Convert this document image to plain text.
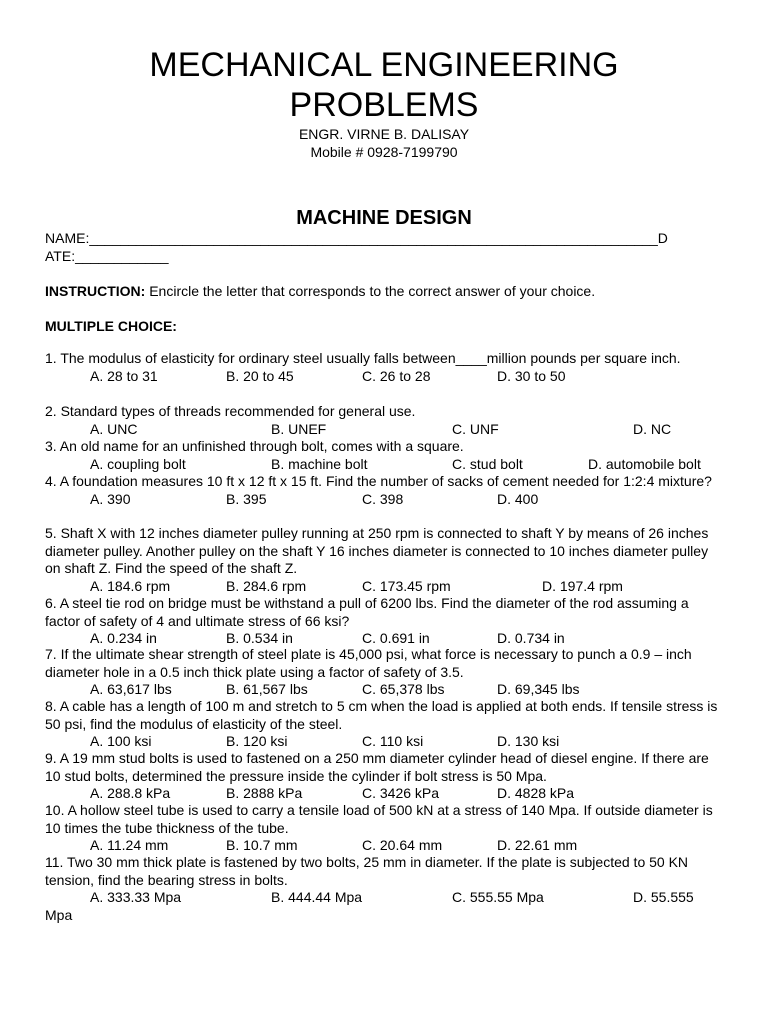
MECHANICAL ENGINEERING
PROBLEMS
ENGR. VIRNE B. DALISAY
Mobile # 0928-7199790
MACHINE DESIGN
NAME:_________________________________________________________________________D
ATE:____________
INSTRUCTION: Encircle the letter that corresponds to the correct answer of your choice.
MULTIPLE CHOICE:
1. The modulus of elasticity for ordinary steel usually falls between____million pounds per square inch.
A. 28 to 31	B. 20 to 45	C. 26 to 28	D. 30 to 50
2. Standard types of threads recommended for general use.
A. UNC	B. UNEF	C. UNF	D. NC
3. An old name for an unfinished through bolt, comes with a square.
A. coupling bolt	B. machine bolt	C. stud bolt	D. automobile bolt
4. A foundation measures 10 ft x 12 ft x 15 ft. Find the number of sacks of cement needed for 1:2:4 mixture?
A. 390	B. 395	C. 398	D. 400
5. Shaft X with 12 inches diameter pulley running at 250 rpm is connected to shaft Y by means of 26 inches diameter pulley. Another pulley on the shaft Y 16 inches diameter is connected to 10 inches diameter pulley on shaft Z. Find the speed of the shaft Z.
A. 184.6 rpm	B. 284.6 rpm	C. 173.45 rpm	D. 197.4 rpm
6. A steel tie rod on bridge must be withstand a pull of 6200 lbs. Find the diameter of the rod assuming a factor of safety of 4 and ultimate stress of 66 ksi?
A. 0.234 in	B. 0.534 in	C. 0.691 in	D. 0.734 in
7. If the ultimate shear strength of steel plate is 45,000 psi, what force is necessary to punch a 0.9 – inch diameter hole in a 0.5 inch thick plate using a factor of safety of 3.5.
A. 63,617 lbs	B. 61,567 lbs	C. 65,378 lbs	D. 69,345 lbs
8. A cable has a length of 100 m and stretch to 5 cm when the load is applied at both ends. If tensile stress is 50 psi, find the modulus of elasticity of the steel.
A. 100 ksi	B. 120 ksi	C. 110 ksi	D. 130 ksi
9. A 19 mm stud bolts is used to fastened on a 250 mm diameter cylinder head of diesel engine. If there are 10 stud bolts, determined the pressure inside the cylinder if bolt stress is 50 Mpa.
A. 288.8 kPa	B. 2888 kPa	C. 3426 kPa	D. 4828 kPa
10. A hollow steel tube is used to carry a tensile load of 500 kN at a stress of 140 Mpa. If outside diameter is 10 times the tube thickness of the tube.
A. 11.24 mm	B. 10.7 mm	C. 20.64 mm	D. 22.61 mm
11. Two 30 mm thick plate is fastened by two bolts, 25 mm in diameter. If the plate is subjected to 50 KN tension, find the bearing stress in bolts.
A. 333.33 Mpa	B. 444.44 Mpa	C. 555.55 Mpa	D. 55.555
Mpa
